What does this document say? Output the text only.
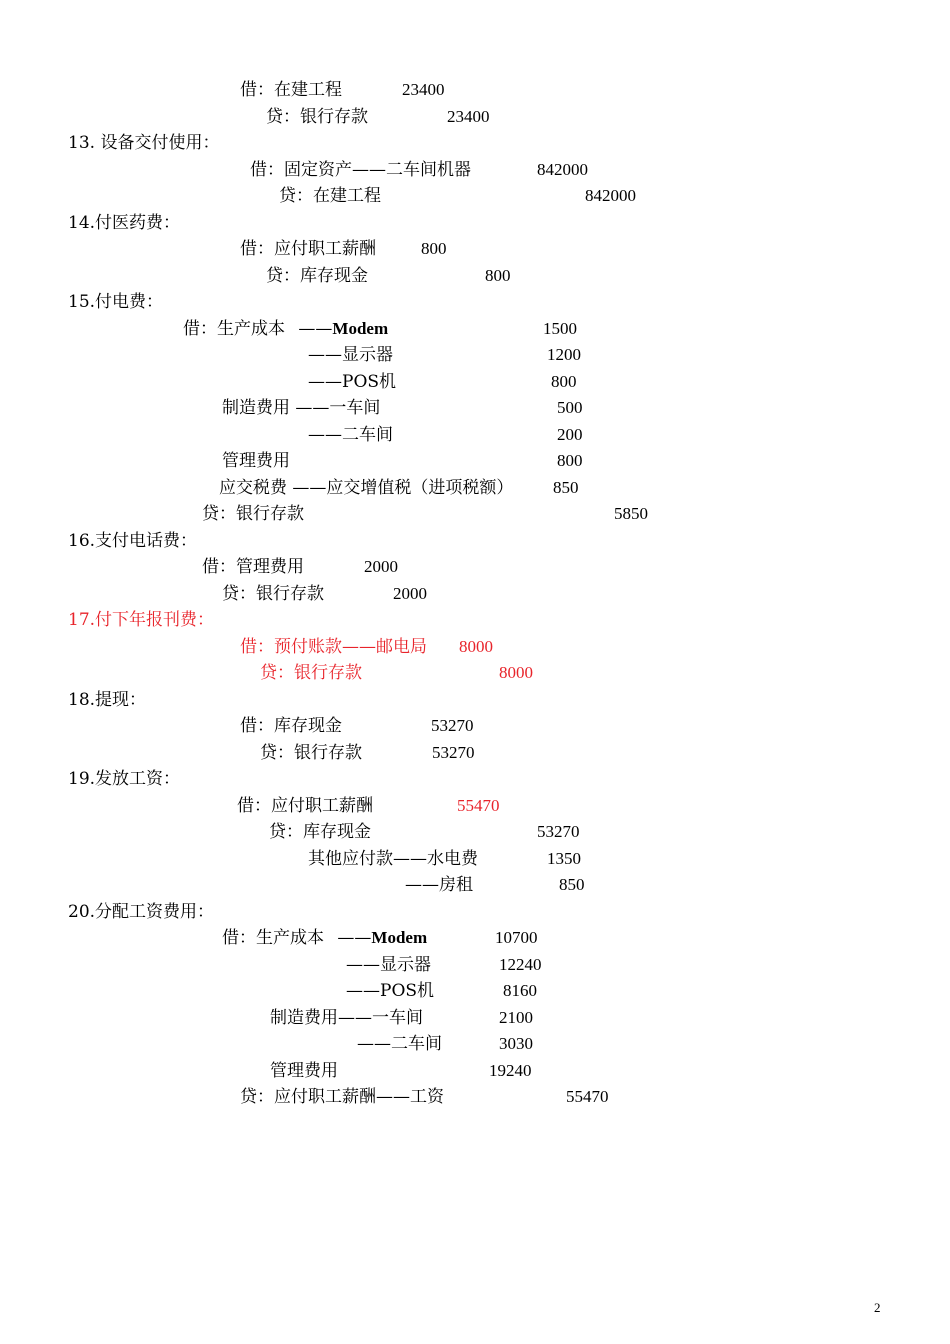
借：在建工程	23400
贷：银行存款	23400
13. 设备交付使用：
借：固定资产——二车间机器	842000
贷：在建工程	842000
14.付医药费：
借：应付职工薪酬	800
贷：库存现金	800
15.付电费：
借：生产成本 ——Modem	1500
——显示器	1200
——POS机	800
制造费用 ——一车间	500
——二车间	200
管理费用	800
应交税费 ——应交增值税（进项税额） 850
贷：银行存款	5850
16.支付电话费：
借：管理费用	2000
贷：银行存款	2000
17.付下年报刊费：
借：预付账款——邮电局 8000
贷：银行存款	8000
18.提现：
借：库存现金	53270
贷：银行存款	53270
19.发放工资：
借：应付职工薪酬	55470
贷：库存现金	53270
其他应付款——水电费	1350
——房租	850
20.分配工资费用：
借：生产成本 ——Modem	10700
——显示器	12240
——POS机	8160
制造费用——一车间	2100
——二车间	3030
管理费用	19240
贷：应付职工薪酬——工资	55470
2
